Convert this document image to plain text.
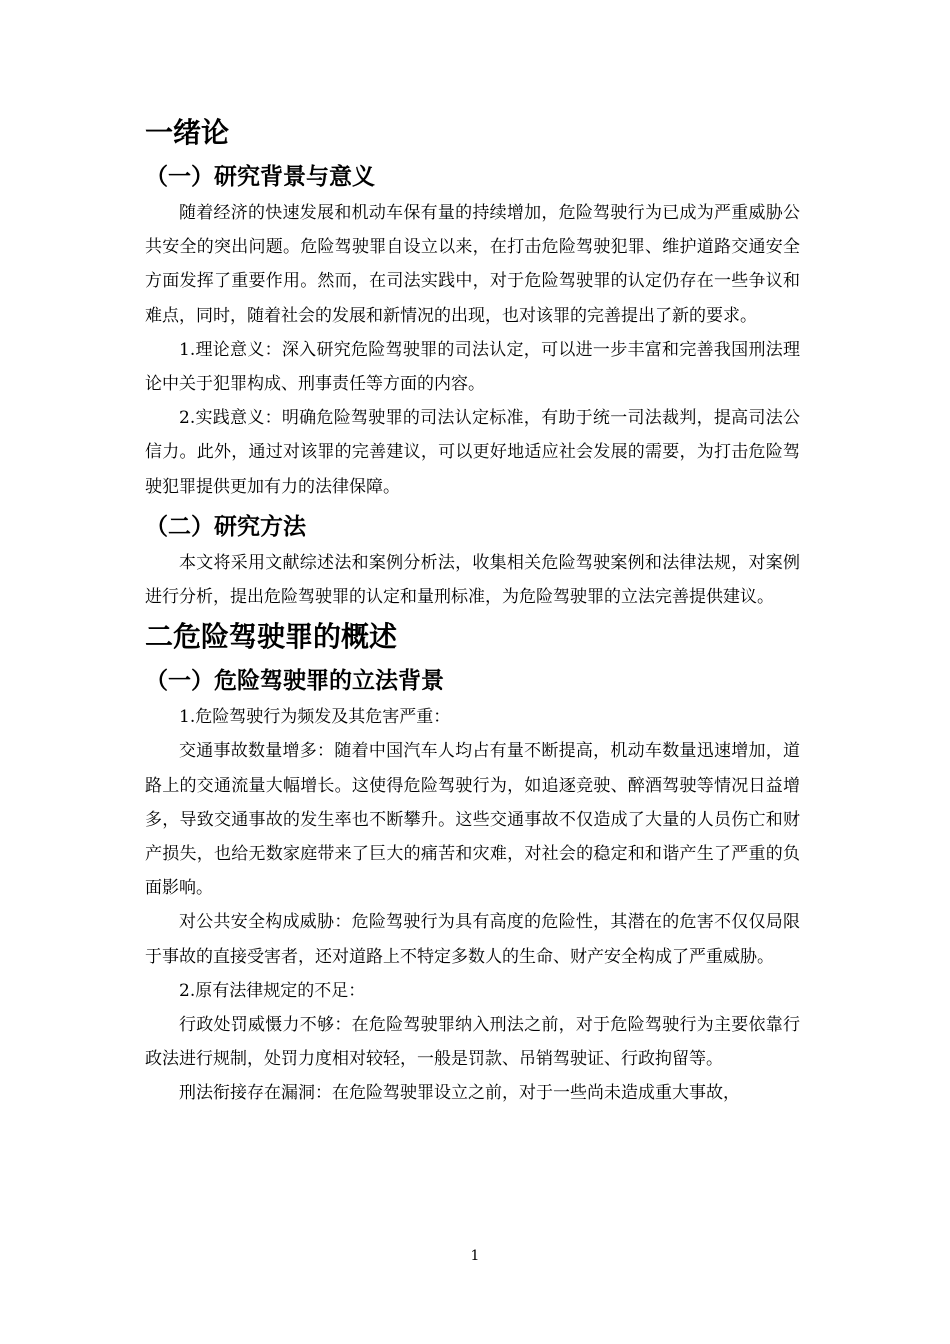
一绪论
（一）研究背景与意义

随着经济的快速发展和机动车保有量的持续增加，危险驾驶行为已成为严重威胁公共安全的突出问题。危险驾驶罪自设立以来，在打击危险驾驶犯罪、维护道路交通安全方面发挥了重要作用。然而，在司法实践中，对于危险驾驶罪的认定仍存在一些争议和难点，同时，随着社会的发展和新情况的出现，也对该罪的完善提出了新的要求。

1.理论意义：深入研究危险驾驶罪的司法认定，可以进一步丰富和完善我国刑法理论中关于犯罪构成、刑事责任等方面的内容。

2.实践意义：明确危险驾驶罪的司法认定标准，有助于统一司法裁判，提高司法公信力。此外，通过对该罪的完善建议，可以更好地适应社会发展的需要，为打击危险驾驶犯罪提供更加有力的法律保障。

（二）研究方法

本文将采用文献综述法和案例分析法，收集相关危险驾驶案例和法律法规，对案例进行分析，提出危险驾驶罪的认定和量刑标准，为危险驾驶罪的立法完善提供建议。

二危险驾驶罪的概述
（一）危险驾驶罪的立法背景

1.危险驾驶行为频发及其危害严重：

交通事故数量增多：随着中国汽车人均占有量不断提高，机动车数量迅速增加，道路上的交通流量大幅增长。这使得危险驾驶行为，如追逐竞驶、醉酒驾驶等情况日益增多，导致交通事故的发生率也不断攀升。这些交通事故不仅造成了大量的人员伤亡和财产损失，也给无数家庭带来了巨大的痛苦和灾难，对社会的稳定和和谐产生了严重的负面影响。

对公共安全构成威胁：危险驾驶行为具有高度的危险性，其潜在的危害不仅仅局限于事故的直接受害者，还对道路上不特定多数人的生命、财产安全构成了严重威胁。

2.原有法律规定的不足：

行政处罚威慑力不够：在危险驾驶罪纳入刑法之前，对于危险驾驶行为主要依靠行政法进行规制，处罚力度相对较轻，一般是罚款、吊销驾驶证、行政拘留等。

刑法衔接存在漏洞：在危险驾驶罪设立之前，对于一些尚未造成重大事故，

1
